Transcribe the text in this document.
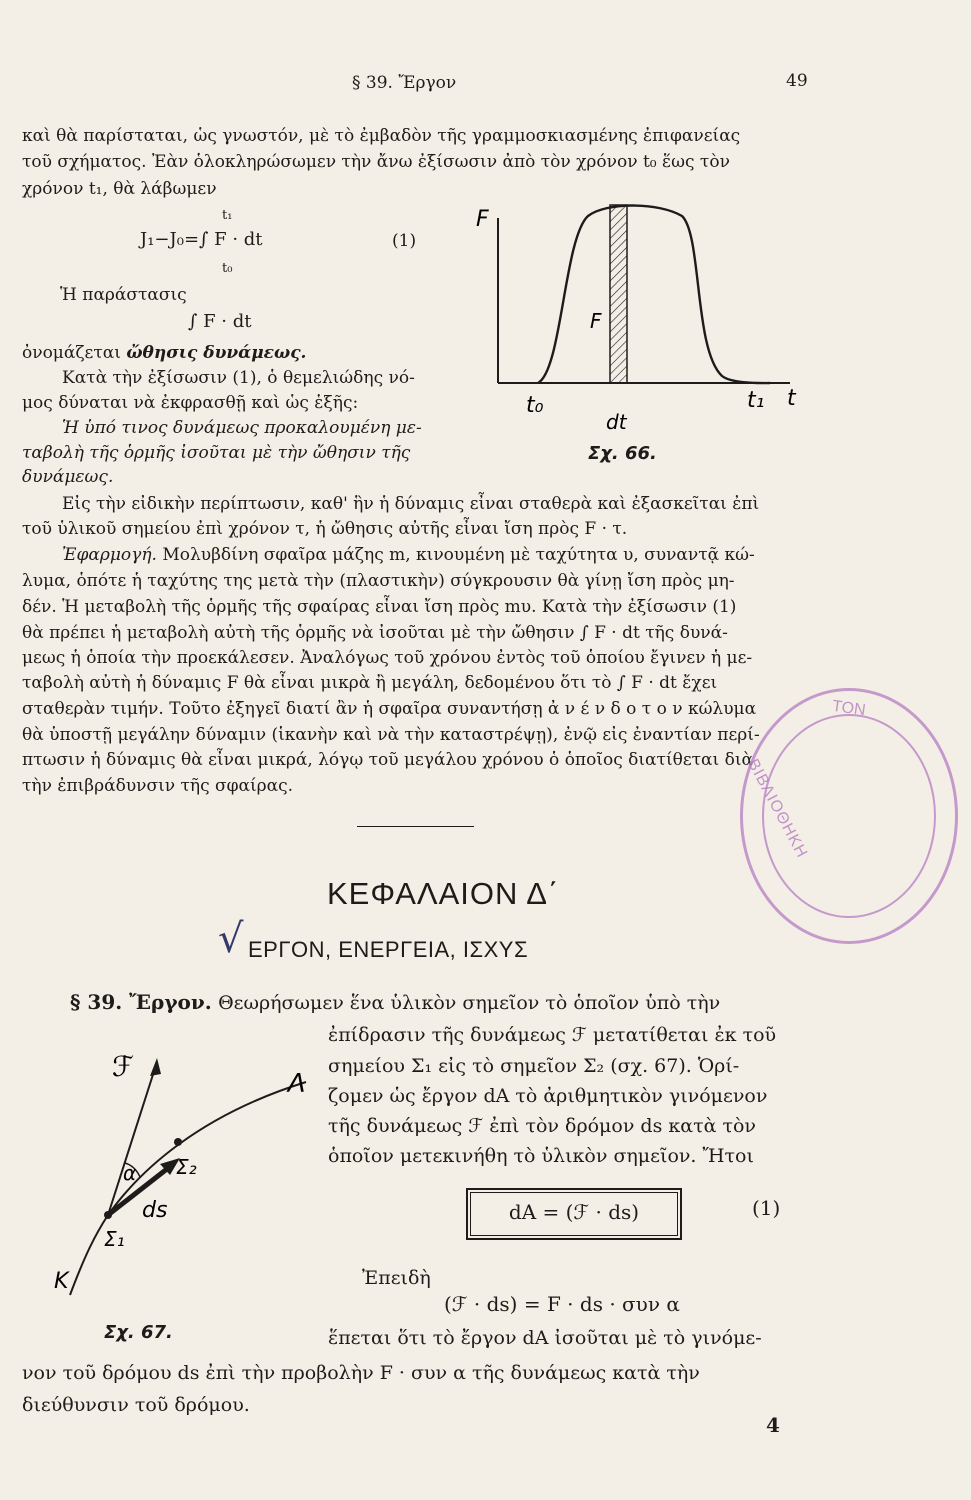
§ 39. Ἔργον	49
καὶ θὰ παρίσταται, ὡς γνωστόν, μὲ τὸ ἐμβαδὸν τῆς γραμμοσκιασμένης ἐπιφανείας
τοῦ σχήματος. Ἐὰν ὁλοκληρώσωμεν τὴν ἄνω ἐξίσωσιν ἀπὸ τὸν χρόνον t₀ ἕως τὸν
χρόνον t₁, θὰ λάβωμεν
t₁
J₁−J₀=∫ F · dt
t₀
(1)
Ἡ παράστασις
∫ F · dt
ὀνομάζεται ὤθησις δυνάμεως.
Κατὰ τὴν ἐξίσωσιν (1), ὁ θεμελιώδης νό-
μος δύναται νὰ ἐκφρασθῇ καὶ ὡς ἑξῆς:
Ἡ ὑπό τινος δυνάμεως προκαλουμένη με-
ταβολὴ τῆς ὁρμῆς ἰσοῦται μὲ τὴν ὤθησιν τῆς
δυνάμεως.
Εἰς τὴν εἰδικὴν περίπτωσιν, καθ' ἣν ἡ δύναμις εἶναι σταθερὰ καὶ ἐξασκεῖται ἐπὶ
τοῦ ὑλικοῦ σημείου ἐπὶ χρόνον τ, ἡ ὤθησις αὐτῆς εἶναι ἴση πρὸς F · τ.
Ἐφαρμογή. Μολυβδίνη σφαῖρα μάζης m, κινουμένη μὲ ταχύτητα υ, συναντᾷ κώ-
λυμα, ὁπότε ἡ ταχύτης της μετὰ τὴν (πλαστικὴν) σύγκρουσιν θὰ γίνῃ ἴση πρὸς μη-
δέν. Ἡ μεταβολὴ τῆς ὁρμῆς τῆς σφαίρας εἶναι ἴση πρὸς mυ. Κατὰ τὴν ἐξίσωσιν (1)
θὰ πρέπει ἡ μεταβολὴ αὐτὴ τῆς ὁρμῆς νὰ ἰσοῦται μὲ τὴν ὤθησιν ∫ F · dt τῆς δυνά-
μεως ἡ ὁποία τὴν προεκάλεσεν. Ἀναλόγως τοῦ χρόνου ἐντὸς τοῦ ὁποίου ἔγινεν ἡ με-
ταβολὴ αὐτὴ ἡ δύναμις F θὰ εἶναι μικρὰ ἢ μεγάλη, δεδομένου ὅτι τὸ ∫ F · dt ἔχει
σταθερὰν τιμήν. Τοῦτο ἐξηγεῖ διατί ἂν ἡ σφαῖρα συναντήσῃ ἀ ν έ ν δ ο τ ο ν κώλυμα
θὰ ὑποστῇ μεγάλην δύναμιν (ἱκανὴν καὶ νὰ τὴν καταστρέψῃ), ἐνῷ εἰς ἐναντίαν περί-
πτωσιν ἡ δύναμις θὰ εἶναι μικρά, λόγῳ τοῦ μεγάλου χρόνου ὁ ὁποῖος διατίθεται διὰ
τὴν ἐπιβράδυνσιν τῆς σφαίρας.
F
F
t₀
dt
t₁ t
Σχ. 66.
ΚΕΦΑΛΑΙΟΝ Δ΄
√ ΕΡΓΟΝ, ΕΝΕΡΓΕΙΑ, ΙΣΧΥΣ
§ 39. Ἔργον. Θεωρήσωμεν ἕνα ὑλικὸν σημεῖον τὸ ὁποῖον ὑπὸ τὴν
ἐπίδρασιν τῆς δυνάμεως ℱ μετατίθεται ἐκ τοῦ
σημείου Σ₁ εἰς τὸ σημεῖον Σ₂ (σχ. 67). Ὁρί-
ζομεν ὡς ἔργον dA τὸ ἀριθμητικὸν γινόμενον
τῆς δυνάμεως ℱ ἐπὶ τὸν δρόμον ds κατὰ τὸν
ὁποῖον μετεκινήθη τὸ ὑλικὸν σημεῖον. Ἤτοι
dA = (ℱ · ds)	(1)
Ἐπειδὴ
(ℱ · ds) = F · ds · συν α
ἕπεται ὅτι τὸ ἔργον dA ἰσοῦται μὲ τὸ γινόμε-
νον τοῦ δρόμου ds ἐπὶ τὴν προβολὴν F · συν α τῆς δυνάμεως κατὰ τὴν
διεύθυνσιν τοῦ δρόμου.
ℱ
α Σ₂
ds
Σ₁
K
Λ
Σχ. 67.
4
ΤΟΝ
ΒΙΒΛΙΟΘΗΚΗ
